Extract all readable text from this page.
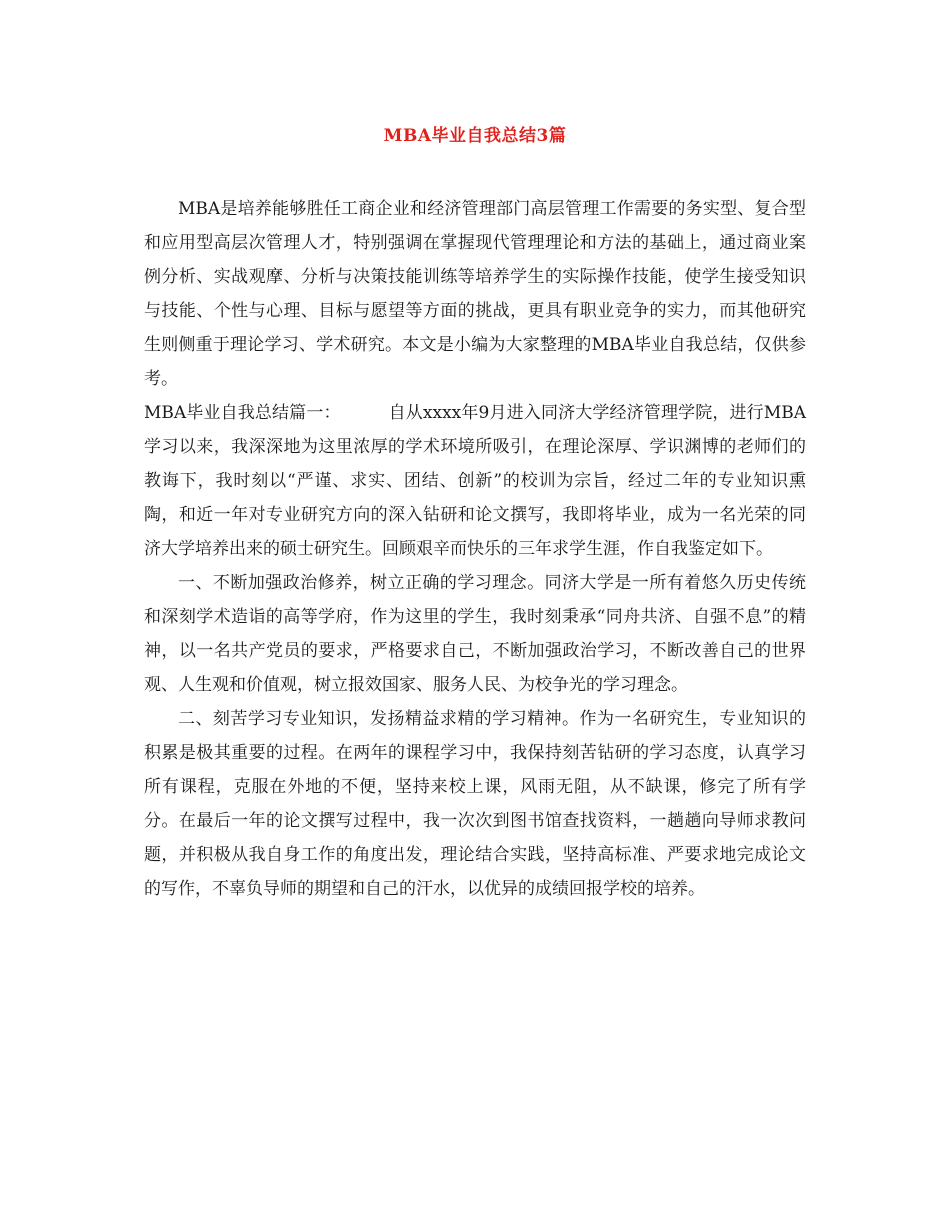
MBA毕业自我总结3篇

MBA是培养能够胜任工商企业和经济管理部门高层管理工作需要的务实型、复合型和应用型高层次管理人才，特别强调在掌握现代管理理论和方法的基础上，通过商业案例分析、实战观摩、分析与决策技能训练等培养学生的实际操作技能，使学生接受知识与技能、个性与心理、目标与愿望等方面的挑战，更具有职业竞争的实力，而其他研究生则侧重于理论学习、学术研究。本文是小编为大家整理的MBA毕业自我总结，仅供参考。

MBA毕业自我总结篇一：	自从xxxx年9月进入同济大学经济管理学院，进行MBA学习以来，我深深地为这里浓厚的学术环境所吸引，在理论深厚、学识渊博的老师们的教诲下，我时刻以“严谨、求实、团结、创新”的校训为宗旨，经过二年的专业知识熏陶，和近一年对专业研究方向的深入钻研和论文撰写，我即将毕业，成为一名光荣的同济大学培养出来的硕士研究生。回顾艰辛而快乐的三年求学生涯，作自我鉴定如下。

一、不断加强政治修养，树立正确的学习理念。同济大学是一所有着悠久历史传统和深刻学术造诣的高等学府，作为这里的学生，我时刻秉承“同舟共济、自强不息”的精神，以一名共产党员的要求，严格要求自己，不断加强政治学习，不断改善自己的世界观、人生观和价值观，树立报效国家、服务人民、为校争光的学习理念。

二、刻苦学习专业知识，发扬精益求精的学习精神。作为一名研究生，专业知识的积累是极其重要的过程。在两年的课程学习中，我保持刻苦钻研的学习态度，认真学习所有课程，克服在外地的不便，坚持来校上课，风雨无阻，从不缺课，修完了所有学分。在最后一年的论文撰写过程中，我一次次到图书馆查找资料，一趟趟向导师求教问题，并积极从我自身工作的角度出发，理论结合实践，坚持高标准、严要求地完成论文的写作，不辜负导师的期望和自己的汗水，以优异的成绩回报学校的培养。
